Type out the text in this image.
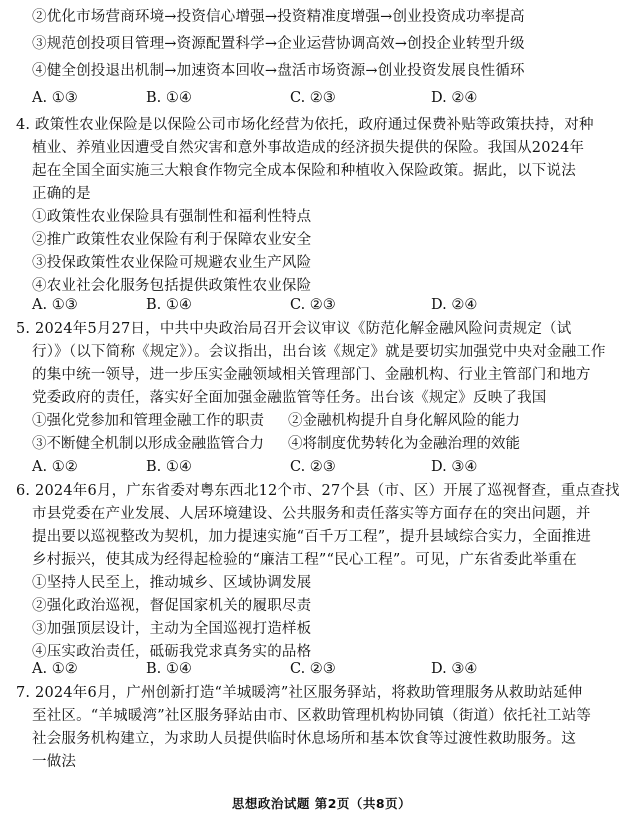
②优化市场营商环境→投资信心增强→投资精准度增强→创业投资成功率提高
③规范创投项目管理→资源配置科学→企业运营协调高效→创投企业转型升级
④健全创投退出机制→加速资本回收→盘活市场资源→创业投资发展良性循环
A. ①③	B. ①④	C. ②③	D. ②④
4. 政策性农业保险是以保险公司市场化经营为依托，政府通过保费补贴等政策扶持，对种
植业、养殖业因遭受自然灾害和意外事故造成的经济损失提供的保险。我国从2024年
起在全国全面实施三大粮食作物完全成本保险和种植收入保险政策。据此，以下说法
正确的是
①政策性农业保险具有强制性和福利性特点
②推广政策性农业保险有利于保障农业安全
③投保政策性农业保险可规避农业生产风险
④农业社会化服务包括提供政策性农业保险
A. ①③	B. ①④	C. ②③	D. ②④
5. 2024年5月27日，中共中央政治局召开会议审议《防范化解金融风险问责规定（试
行）》（以下简称《规定》）。会议指出，出台该《规定》就是要切实加强党中央对金融工作
的集中统一领导，进一步压实金融领域相关管理部门、金融机构、行业主管部门和地方
党委政府的责任，落实好全面加强金融监管等任务。出台该《规定》反映了我国
①强化党参加和管理金融工作的职责 ②金融机构提升自身化解风险的能力
③不断健全机制以形成金融监管合力 ④将制度优势转化为金融治理的效能
A. ①②	B. ①④	C. ②③	D. ③④
6. 2024年6月，广东省委对粤东西北12个市、27个县（市、区）开展了巡视督查，重点查找
市县党委在产业发展、人居环境建设、公共服务和责任落实等方面存在的突出问题，并
提出要以巡视整改为契机，加力提速实施“百千万工程”，提升县域综合实力，全面推进
乡村振兴，使其成为经得起检验的“廉洁工程”“民心工程”。可见，广东省委此举重在
①坚持人民至上，推动城乡、区域协调发展
②强化政治巡视，督促国家机关的履职尽责
③加强顶层设计，主动为全国巡视打造样板
④压实政治责任，砥砺我党求真务实的品格
A. ①②	B. ①④	C. ②③	D. ③④
7. 2024年6月，广州创新打造“羊城暖湾”社区服务驿站，将救助管理服务从救助站延伸
至社区。“羊城暖湾”社区服务驿站由市、区救助管理机构协同镇（街道）依托社工站等
社会服务机构建立，为求助人员提供临时休息场所和基本饮食等过渡性救助服务。这
一做法
思想政治试题 第2页（共8页）
